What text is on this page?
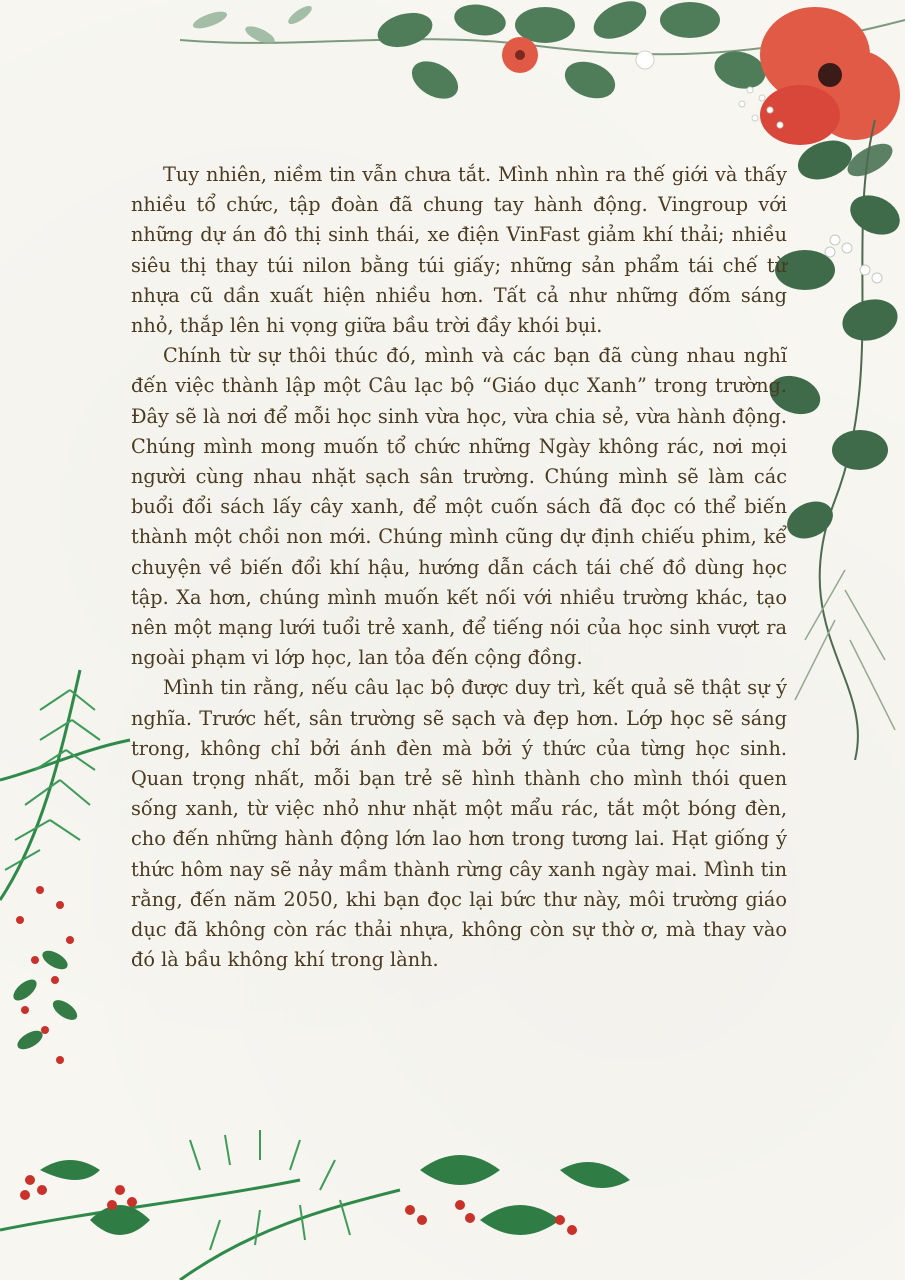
Tuy nhiên, niềm tin vẫn chưa tắt. Mình nhìn ra thế giới và thấy nhiều tổ chức, tập đoàn đã chung tay hành động. Vingroup với những dự án đô thị sinh thái, xe điện VinFast giảm khí thải; nhiều siêu thị thay túi nilon bằng túi giấy; những sản phẩm tái chế từ nhựa cũ dần xuất hiện nhiều hơn. Tất cả như những đốm sáng nhỏ, thắp lên hi vọng giữa bầu trời đầy khói bụi.

Chính từ sự thôi thúc đó, mình và các bạn đã cùng nhau nghĩ đến việc thành lập một Câu lạc bộ “Giáo dục Xanh” trong trường. Đây sẽ là nơi để mỗi học sinh vừa học, vừa chia sẻ, vừa hành động. Chúng mình mong muốn tổ chức những Ngày không rác, nơi mọi người cùng nhau nhặt sạch sân trường. Chúng mình sẽ làm các buổi đổi sách lấy cây xanh, để một cuốn sách đã đọc có thể biến thành một chồi non mới. Chúng mình cũng dự định chiếu phim, kể chuyện về biến đổi khí hậu, hướng dẫn cách tái chế đồ dùng học tập. Xa hơn, chúng mình muốn kết nối với nhiều trường khác, tạo nên một mạng lưới tuổi trẻ xanh, để tiếng nói của học sinh vượt ra ngoài phạm vi lớp học, lan tỏa đến cộng đồng.

Mình tin rằng, nếu câu lạc bộ được duy trì, kết quả sẽ thật sự ý nghĩa. Trước hết, sân trường sẽ sạch và đẹp hơn. Lớp học sẽ sáng trong, không chỉ bởi ánh đèn mà bởi ý thức của từng học sinh. Quan trọng nhất, mỗi bạn trẻ sẽ hình thành cho mình thói quen sống xanh, từ việc nhỏ như nhặt một mẩu rác, tắt một bóng đèn, cho đến những hành động lớn lao hơn trong tương lai. Hạt giống ý thức hôm nay sẽ nảy mầm thành rừng cây xanh ngày mai. Mình tin rằng, đến năm 2050, khi bạn đọc lại bức thư này, môi trường giáo dục đã không còn rác thải nhựa, không còn sự thờ ơ, mà thay vào đó là bầu không khí trong lành.
